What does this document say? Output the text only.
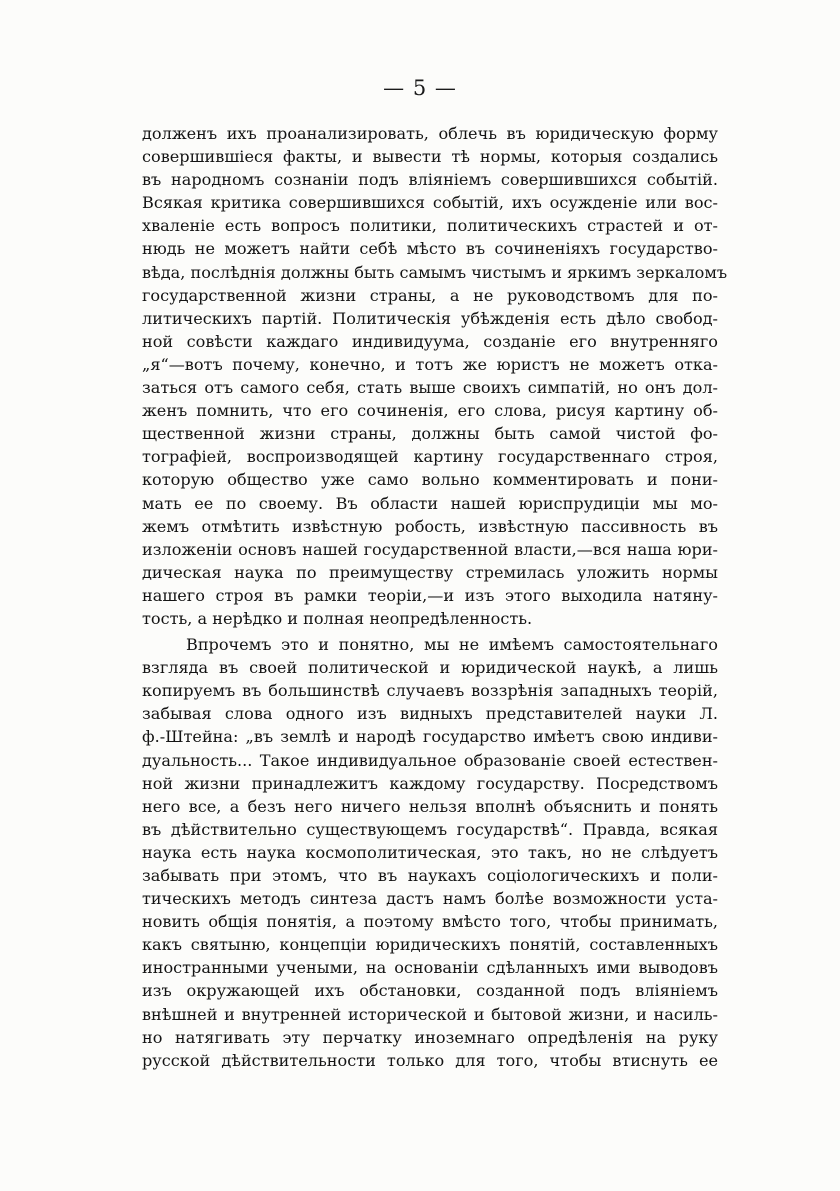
— 5 —
долженъ ихъ проанализировать, облечь въ юридическую форму
совершившiеся факты, и вывести тѣ нормы, которыя создались
въ народномъ сознанiи подъ влiянiемъ совершившихся событiй.
Всякая критика совершившихся событiй, ихъ осужденiе или вос-
хваленiе есть вопросъ политики, политическихъ страстей и от-
нюдь не можетъ найти себѣ мѣсто въ сочиненiяхъ государство-
вѣда, послѣднiя должны быть самымъ чистымъ и яркимъ зеркаломъ
государственной жизни страны, а не руководствомъ для по-
литическихъ партiй. Политическiя убѣжденiя есть дѣло свобод-
ной совѣсти каждаго индивидуума, созданiе его внутренняго
„я“—вотъ почему, конечно, и тотъ же юристъ не можетъ отка-
заться отъ самого себя, стать выше своихъ симпатiй, но онъ дол-
женъ помнить, что его сочиненiя, его слова, рисуя картину об-
щественной жизни страны, должны быть самой чистой фо-
тографiей, воспроизводящей картину государственнаго строя,
которую общество уже само вольно комментировать и пони-
мать ее по своему. Въ области нашей юриспрудицiи мы мо-
жемъ отмѣтить извѣстную робость, извѣстную пассивность въ
изложенiи основъ нашей государственной власти,—вся наша юри-
дическая наука по преимуществу стремилась уложить нормы
нашего строя въ рамки теорiи,—и изъ этого выходила натяну-
тость, а нерѣдко и полная неопредѣленность.
Впрочемъ это и понятно, мы не имѣемъ самостоятельнаго
взгляда въ своей политической и юридической наукѣ, а лишь
копируемъ въ большинствѣ случаевъ воззрѣнiя западныхъ теорiй,
забывая слова одного изъ видныхъ представителей науки Л.
ф.-Штейна: „въ землѣ и народѣ государство имѣетъ свою индиви-
дуальность... Такое индивидуальное образованiе своей естествен-
ной жизни принадлежитъ каждому государству. Посредствомъ
него все, а безъ него ничего нельзя вполнѣ объяснить и понять
въ дѣйствительно существующемъ государствѣ“. Правда, всякая
наука есть наука космополитическая, это такъ, но не слѣдуетъ
забывать при этомъ, что въ наукахъ соцiологическихъ и поли-
тическихъ методъ синтеза дастъ намъ болѣе возможности уста-
новить общiя понятiя, а поэтому вмѣсто того, чтобы принимать,
какъ святыню, концепцiи юридическихъ понятiй, составленныхъ
иностранными учеными, на основанiи сдѣланныхъ ими выводовъ
изъ окружающей ихъ обстановки, созданной подъ влiянiемъ
внѣшней и внутренней исторической и бытовой жизни, и насиль-
но натягивать эту перчатку иноземнаго опредѣленiя на руку
русской дѣйствительности только для того, чтобы втиснуть ее
